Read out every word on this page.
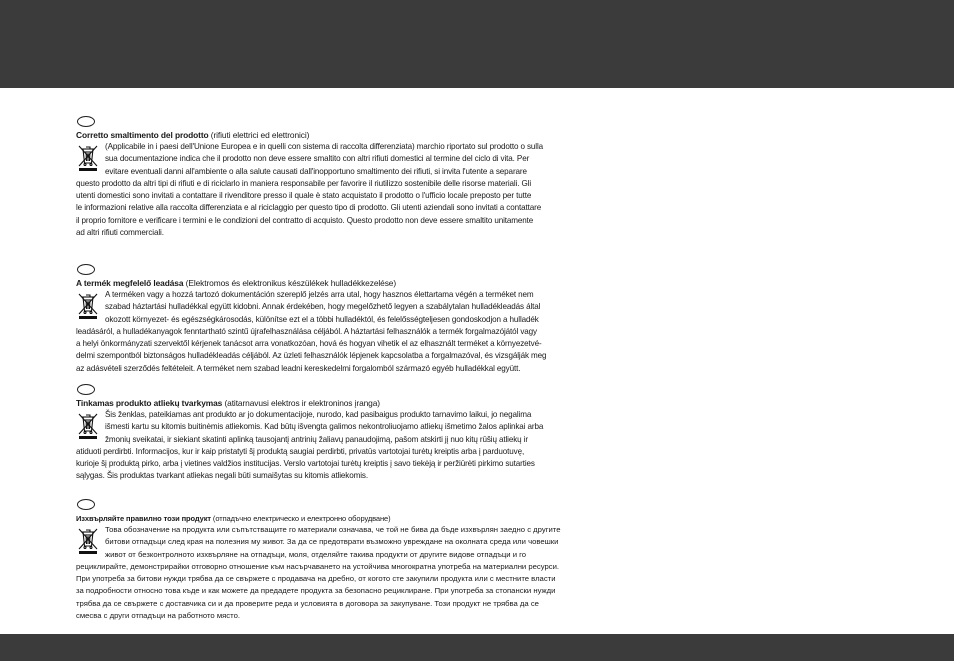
Corretto smaltimento del prodotto (rifiuti elettrici ed elettronici)
(Applicabile in i paesi dell'Unione Europea e in quelli con sistema di raccolta differenziata) marchio riportato sul prodotto o sulla
sua documentazione indica che il prodotto non deve essere smaltito con altri rifiuti domestici al termine del ciclo di vita. Per
evitare eventuali danni all'ambiente o alla salute causati dall'inopportuno smaltimento dei rifiuti, si invita l'utente a separare
questo prodotto da altri tipi di rifiuti e di riciclarlo in maniera responsabile per favorire il riutilizzo sostenibile delle risorse materiali. Gli
utenti domestici sono invitati a contattare il rivenditore presso il quale è stato acquistato il prodotto o l'ufficio locale preposto per tutte
le informazioni relative alla raccolta differenziata e al riciclaggio per questo tipo di prodotto. Gli utenti aziendali sono invitati a contattare
il proprio fornitore e verificare i termini e le condizioni del contratto di acquisto. Questo prodotto non deve essere smaltito unitamente
ad altri rifiuti commerciali.
A termék megfelelő leadása (Elektromos és elektronikus készülékek hulladékkezelése)
A terméken vagy a hozzá tartozó dokumentáción szereplő jelzés arra utal, hogy hasznos élettartama végén a terméket nem
szabad háztartási hulladékkal együtt kidobni. Annak érdekében, hogy megelőzhető legyen a szabálytalan hulladékleadás által
okozott környezet- és egészségkárosodás, különítse ezt el a többi hulladéktól, és felelősségteljesen gondoskodjon a hulladék
leadásáról, a hulladékanyagok fenntartható szintű újrafelhasználása céljából. A háztartási felhasználók a termék forgalmazójától vagy
a helyi önkormányzati szervektől kérjenek tanácsot arra vonatkozóan, hová és hogyan vihetik el az elhasznált terméket a környezetvé-
delmi szempontból biztonságos hulladékleadás céljából. Az üzleti felhasználók lépjenek kapcsolatba a forgalmazóval, és vizsgálják meg
az adásvételi szerződés feltételeit. A terméket nem szabad leadni kereskedelmi forgalomból származó egyéb hulladékkal együtt.
Tinkamas produkto atliekų tvarkymas (atitarnavusi elektros ir elektroninos įranga)
Šis ženklas, pateikiamas ant produkto ar jo dokumentacijoje, nurodo, kad pasibaigus produkto tarnavimo laikui, jo negalima
išmesti kartu su kitomis buitinėmis atliekomis. Kad būtų išvengta galimos nekontroliuojamo atliekų išmetimo žalos aplinkai arba
žmonių sveikatai, ir siekiant skatinti aplinką tausojantį antrinių žaliavų panaudojimą, pašom atskirti jį nuo kitų rūšių atliekų ir
atiduoti perdirbti. Informacijos, kur ir kaip pristatyti šį produktą saugiai perdirbti, privatūs vartotojai turėtų kreiptis arba į parduotuvę,
kurioje šį produktą pirko, arba į vietines valdžios institucijas. Verslo vartotojai turėtų kreiptis į savo tiekėją ir peržiūrėti pirkimo sutarties
sąlygas. Šis produktas tvarkant atliekas negali būti sumaišytas su kitomis atliekomis.
Изхвърляйте правилно този продукт (отпадъчно електрическо и електронно оборудване)
Това обозначение на продукта или съпътстващите го материали означава, че той не бива да бъде изхвърлян заедно с другите
битови отпадъци след края на полезния му живот. За да се предотврати възможно увреждане на околната среда или човешки
живот от безконтролното изхвърляне на отпадъци, моля, отделяйте такива продукти от другите видове отпадъци и го
рециклирайте, демонстрирайки отговорно отношение към насърчаването на устойчива многократна употреба на материални ресурси.
При употреба за битови нужди трябва да се свържете с продавача на дребно, от когото сте закупили продукта или с местните власти
за подробности относно това къде и как можете да предадете продукта за безопасно рециклиране. При употреба за стопански нужди
трябва да се свържете с доставчика си и да проверите реда и условията в договора за закупуване. Този продукт не трябва да се
смесва с други отпадъци на работното място.
